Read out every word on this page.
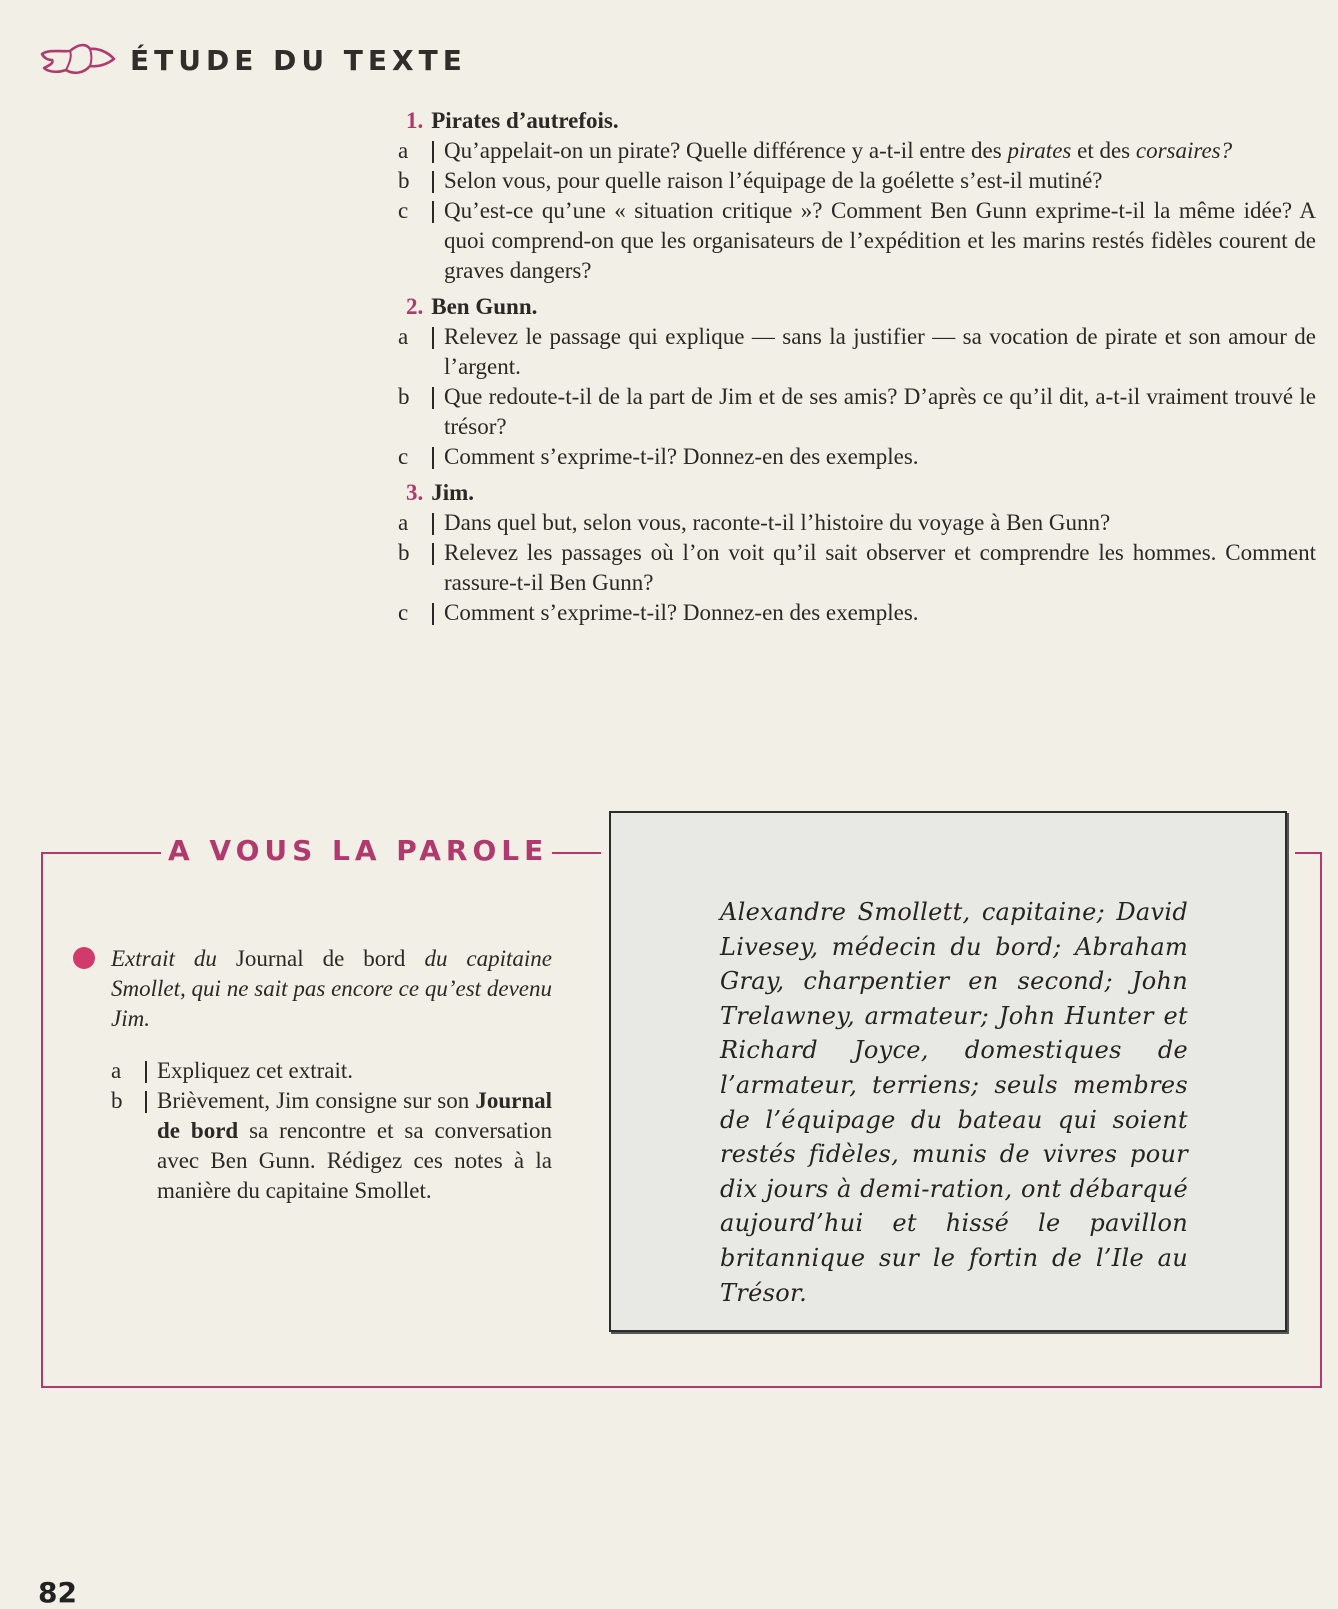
ÉTUDE DU TEXTE
1. Pirates d’autrefois.
a	Qu’appelait-on un pirate? Quelle différence y a-t-il entre des pirates et des corsaires?
b	Selon vous, pour quelle raison l’équipage de la goélette s’est-il mutiné?
c	Qu’est-ce qu’une « situation critique »? Comment Ben Gunn exprime-t-il la même idée? A quoi comprend-on que les organisateurs de l’expédition et les marins restés fidèles courent de graves dangers?
2. Ben Gunn.
a	Relevez le passage qui explique — sans la justifier — sa vocation de pirate et son amour de l’argent.
b	Que redoute-t-il de la part de Jim et de ses amis? D’après ce qu’il dit, a-t-il vraiment trouvé le trésor?
c	Comment s’exprime-t-il? Donnez-en des exemples.
3. Jim.
a	Dans quel but, selon vous, raconte-t-il l’histoire du voyage à Ben Gunn?
b	Relevez les passages où l’on voit qu’il sait observer et comprendre les hommes. Comment rassure-t-il Ben Gunn?
c	Comment s’exprime-t-il? Donnez-en des exemples.
A VOUS LA PAROLE
Extrait du Journal de bord du capitaine Smollet, qui ne sait pas encore ce qu’est devenu Jim.
a	Expliquez cet extrait.
b	Brièvement, Jim consigne sur son Journal de bord sa rencontre et sa conversation avec Ben Gunn. Rédigez ces notes à la manière du capitaine Smollet.
Alexandre Smollett, capitaine; David Livesey, médecin du bord; Abraham Gray, charpentier en second; John Trelawney, armateur; John Hunter et Richard Joyce, domestiques de l’armateur, terriens; seuls membres de l’équipage du bateau qui soient restés fidèles, munis de vivres pour dix jours à demi-ration, ont débarqué aujourd’hui et hissé le pavillon britannique sur le fortin de l’Ile au Trésor.
82
